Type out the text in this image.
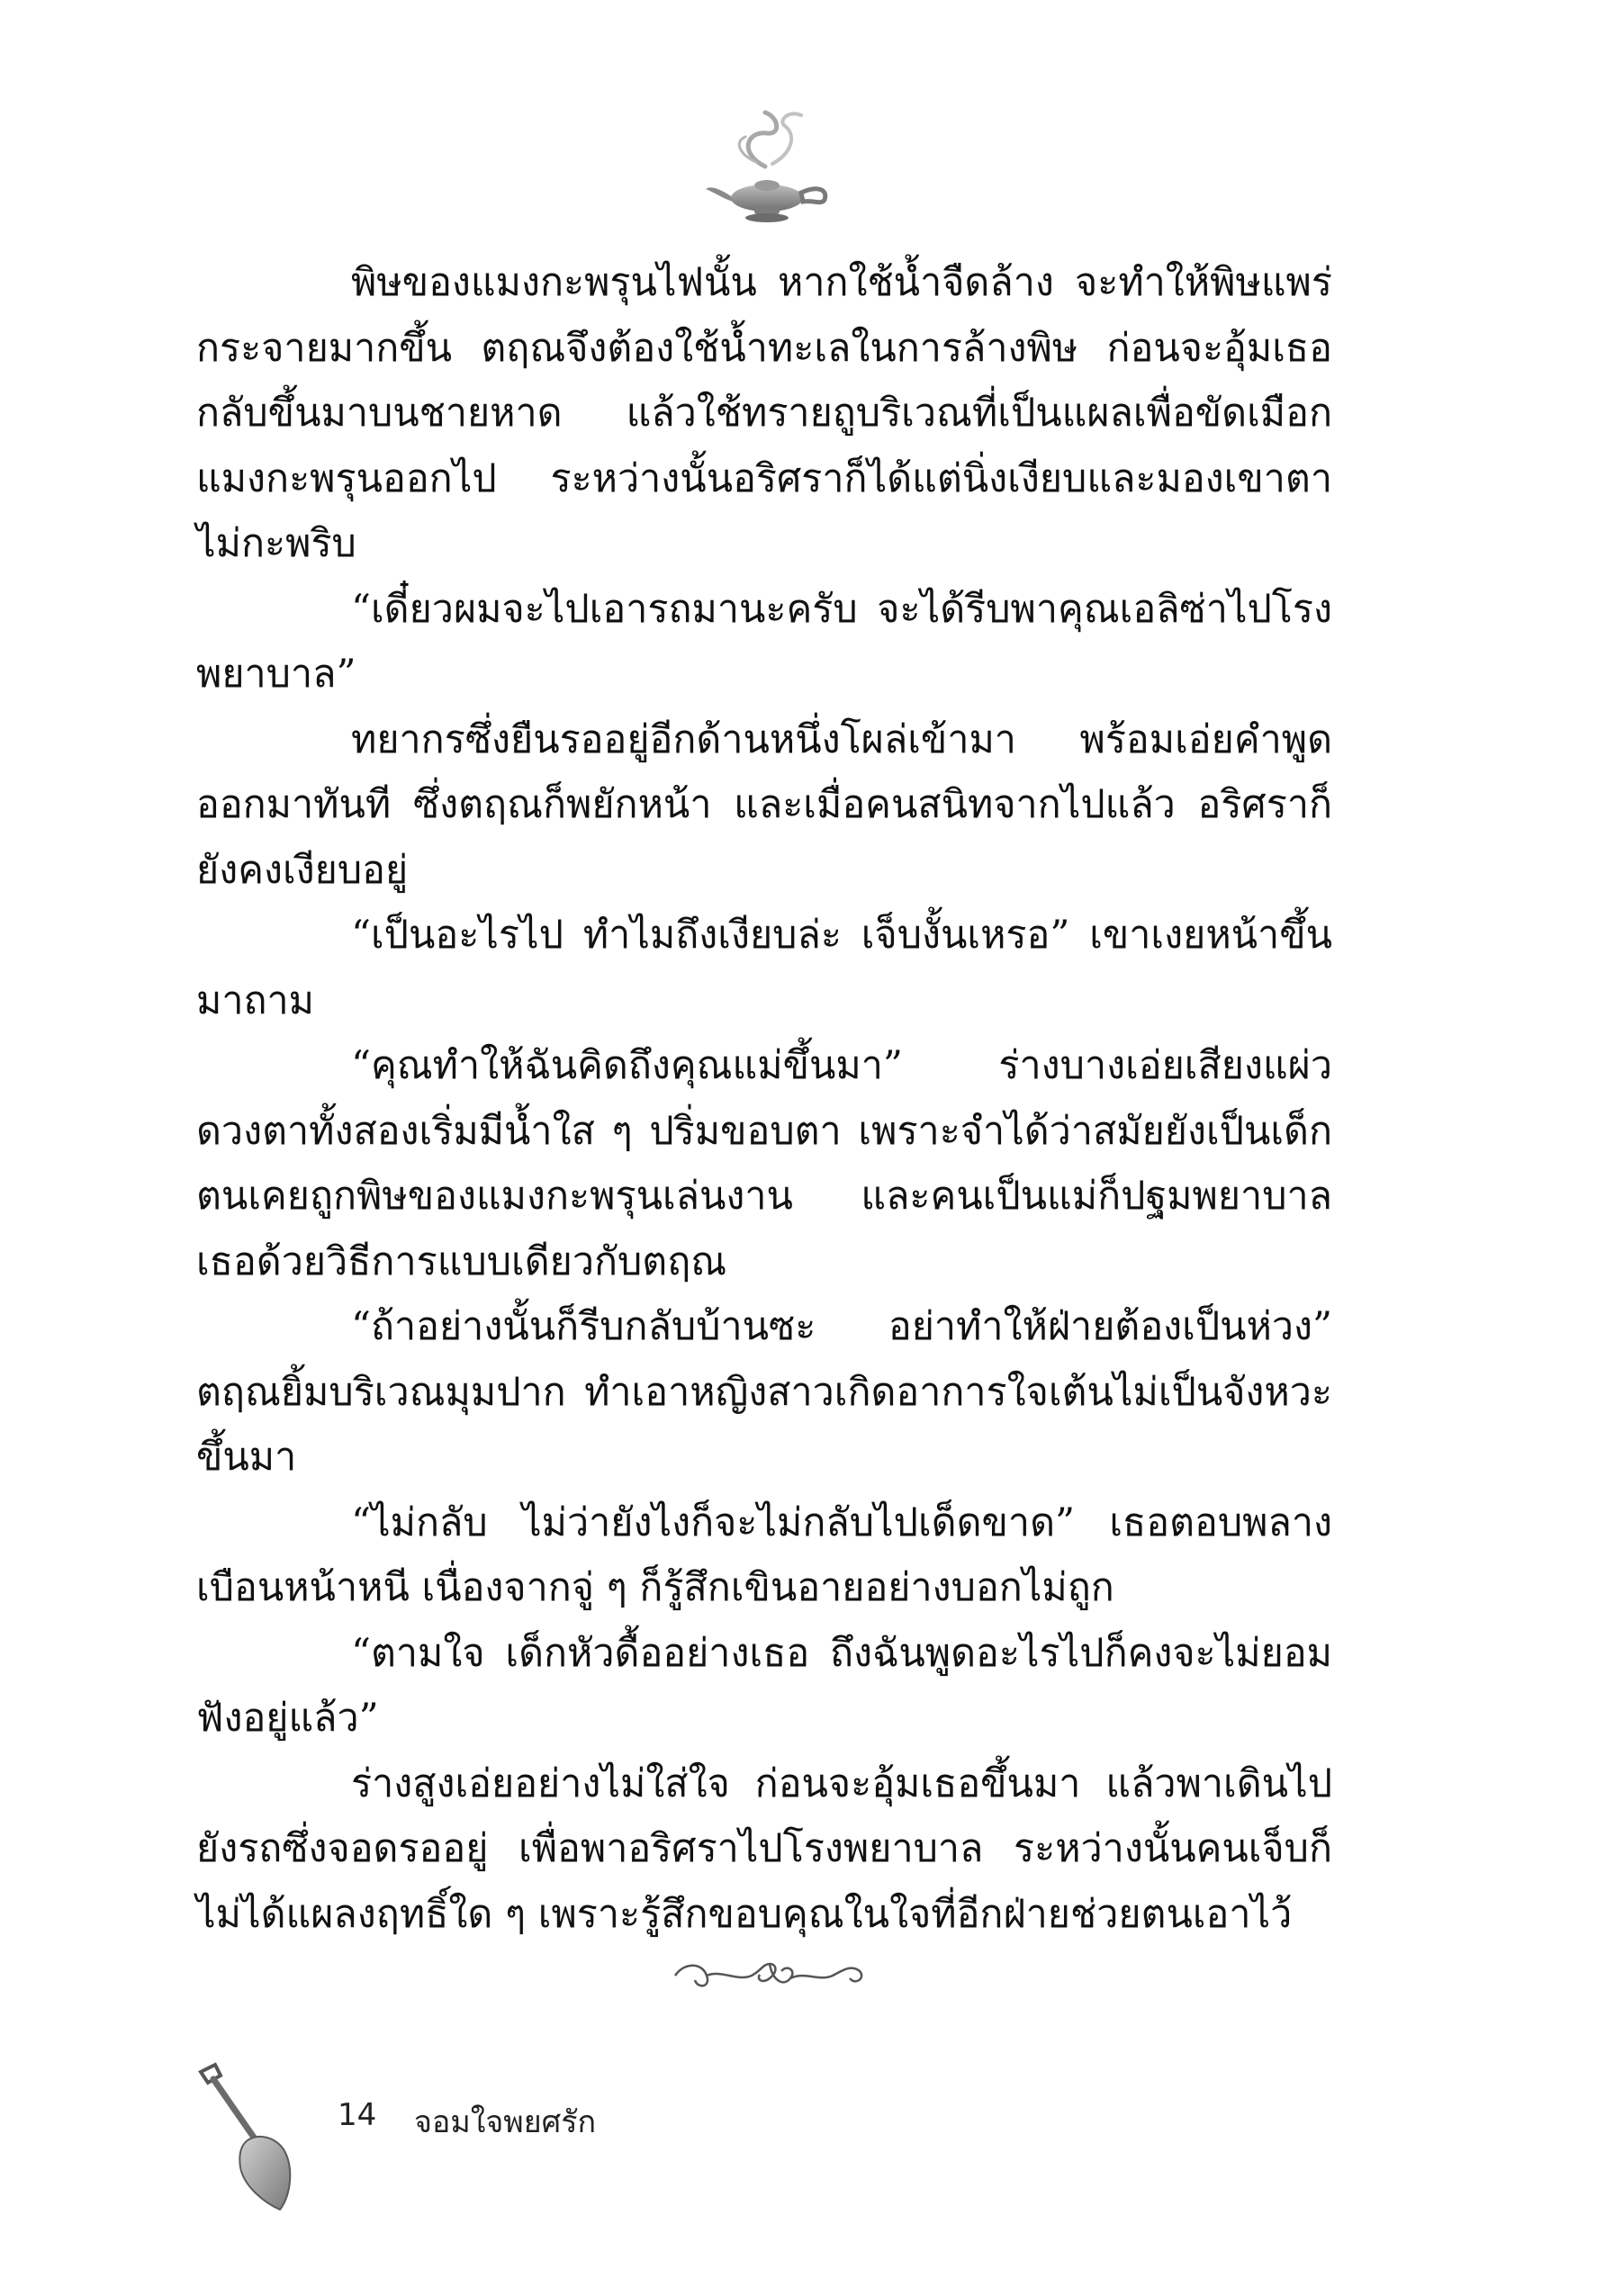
พิษของแมงกะพรุนไฟนั้น หากใช้น้ำจืดล้าง จะทำให้พิษแพร่กระจายมากขึ้น ตฤณจึงต้องใช้น้ำทะเลในการล้างพิษ ก่อนจะอุ้มเธอกลับขึ้นมาบนชายหาด แล้วใช้ทรายถูบริเวณที่เป็นแผลเพื่อขัดเมือกแมงกะพรุนออกไป ระหว่างนั้นอริศราก็ได้แต่นิ่งเงียบและมองเขาตาไม่กะพริบ

“เดี๋ยวผมจะไปเอารถมานะครับ จะได้รีบพาคุณเอลิซ่าไปโรงพยาบาล”

ทยากรซึ่งยืนรออยู่อีกด้านหนึ่งโผล่เข้ามา พร้อมเอ่ยคำพูดออกมาทันที ซึ่งตฤณก็พยักหน้า และเมื่อคนสนิทจากไปแล้ว อริศราก็ยังคงเงียบอยู่

“เป็นอะไรไป ทำไมถึงเงียบล่ะ เจ็บงั้นเหรอ” เขาเงยหน้าขึ้นมาถาม

“คุณทำให้ฉันคิดถึงคุณแม่ขึ้นมา” ร่างบางเอ่ยเสียงแผ่ว ดวงตาทั้งสองเริ่มมีน้ำใส ๆ ปริ่มขอบตา เพราะจำได้ว่าสมัยยังเป็นเด็กตนเคยถูกพิษของแมงกะพรุนเล่นงาน และคนเป็นแม่ก็ปฐมพยาบาลเธอด้วยวิธีการแบบเดียวกับตฤณ

“ถ้าอย่างนั้นก็รีบกลับบ้านซะ อย่าทำให้ฝ่ายต้องเป็นห่วง” ตฤณยิ้มบริเวณมุมปาก ทำเอาหญิงสาวเกิดอาการใจเต้นไม่เป็นจังหวะขึ้นมา

“ไม่กลับ ไม่ว่ายังไงก็จะไม่กลับไปเด็ดขาด” เธอตอบพลางเบือนหน้าหนี เนื่องจากจู่ ๆ ก็รู้สึกเขินอายอย่างบอกไม่ถูก

“ตามใจ เด็กหัวดื้ออย่างเธอ ถึงฉันพูดอะไรไปก็คงจะไม่ยอมฟังอยู่แล้ว”

ร่างสูงเอ่ยอย่างไม่ใส่ใจ ก่อนจะอุ้มเธอขึ้นมา แล้วพาเดินไปยังรถซึ่งจอดรออยู่ เพื่อพาอริศราไปโรงพยาบาล ระหว่างนั้นคนเจ็บก็ไม่ได้แผลงฤทธิ์ใด ๆ เพราะรู้สึกขอบคุณในใจที่อีกฝ่ายช่วยตนเอาไว้

14 จอมใจพยศรัก
